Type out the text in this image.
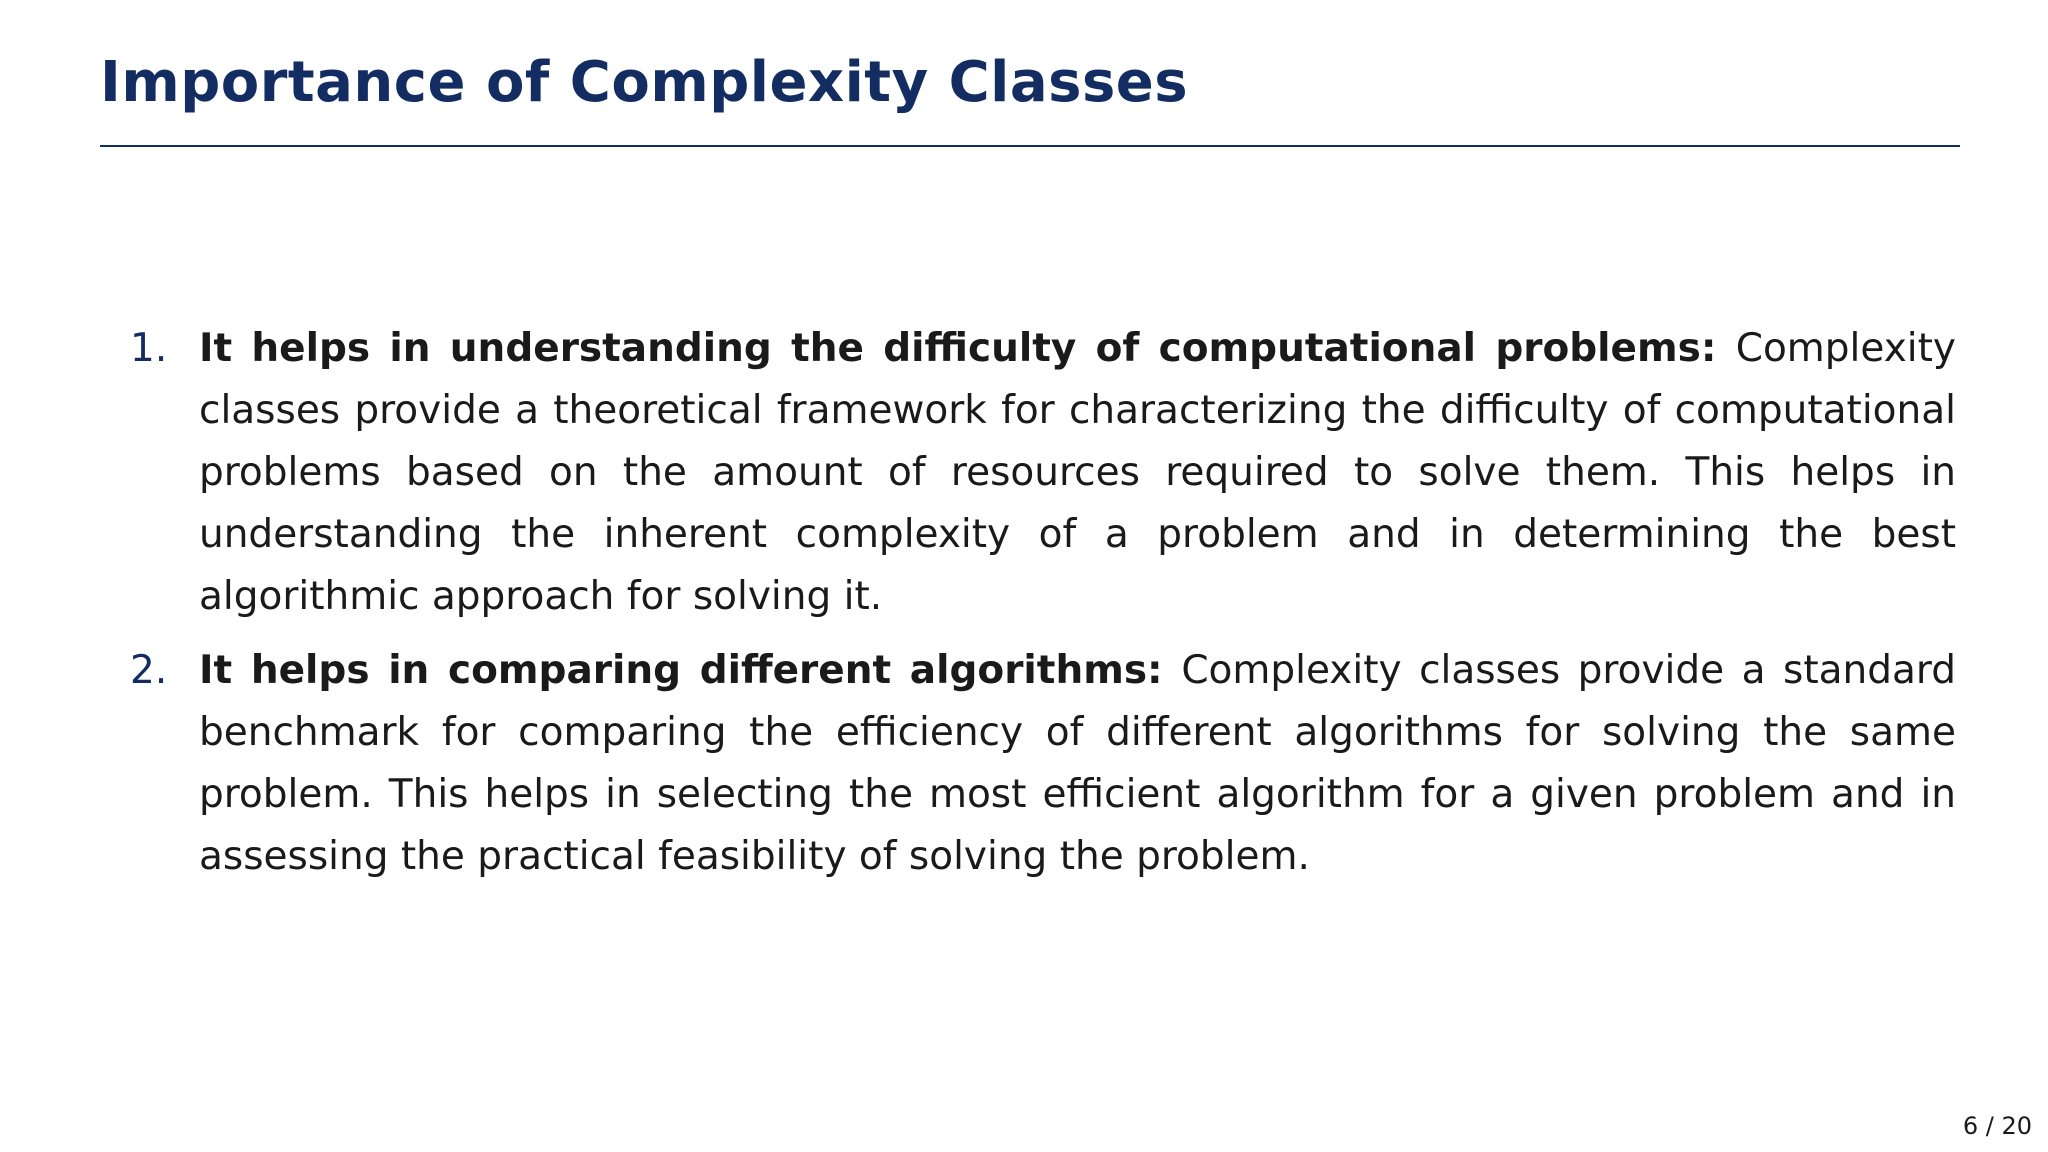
Importance of Complexity Classes
1. It helps in understanding the difficulty of computational problems: Complexity classes provide a theoretical framework for characterizing the difficulty of computational problems based on the amount of resources required to solve them. This helps in understanding the inherent complexity of a problem and in determining the best algorithmic approach for solving it.
2. It helps in comparing different algorithms: Complexity classes provide a standard benchmark for comparing the efficiency of different algorithms for solving the same problem. This helps in selecting the most efficient algorithm for a given problem and in assessing the practical feasibility of solving the problem.
6 / 20
